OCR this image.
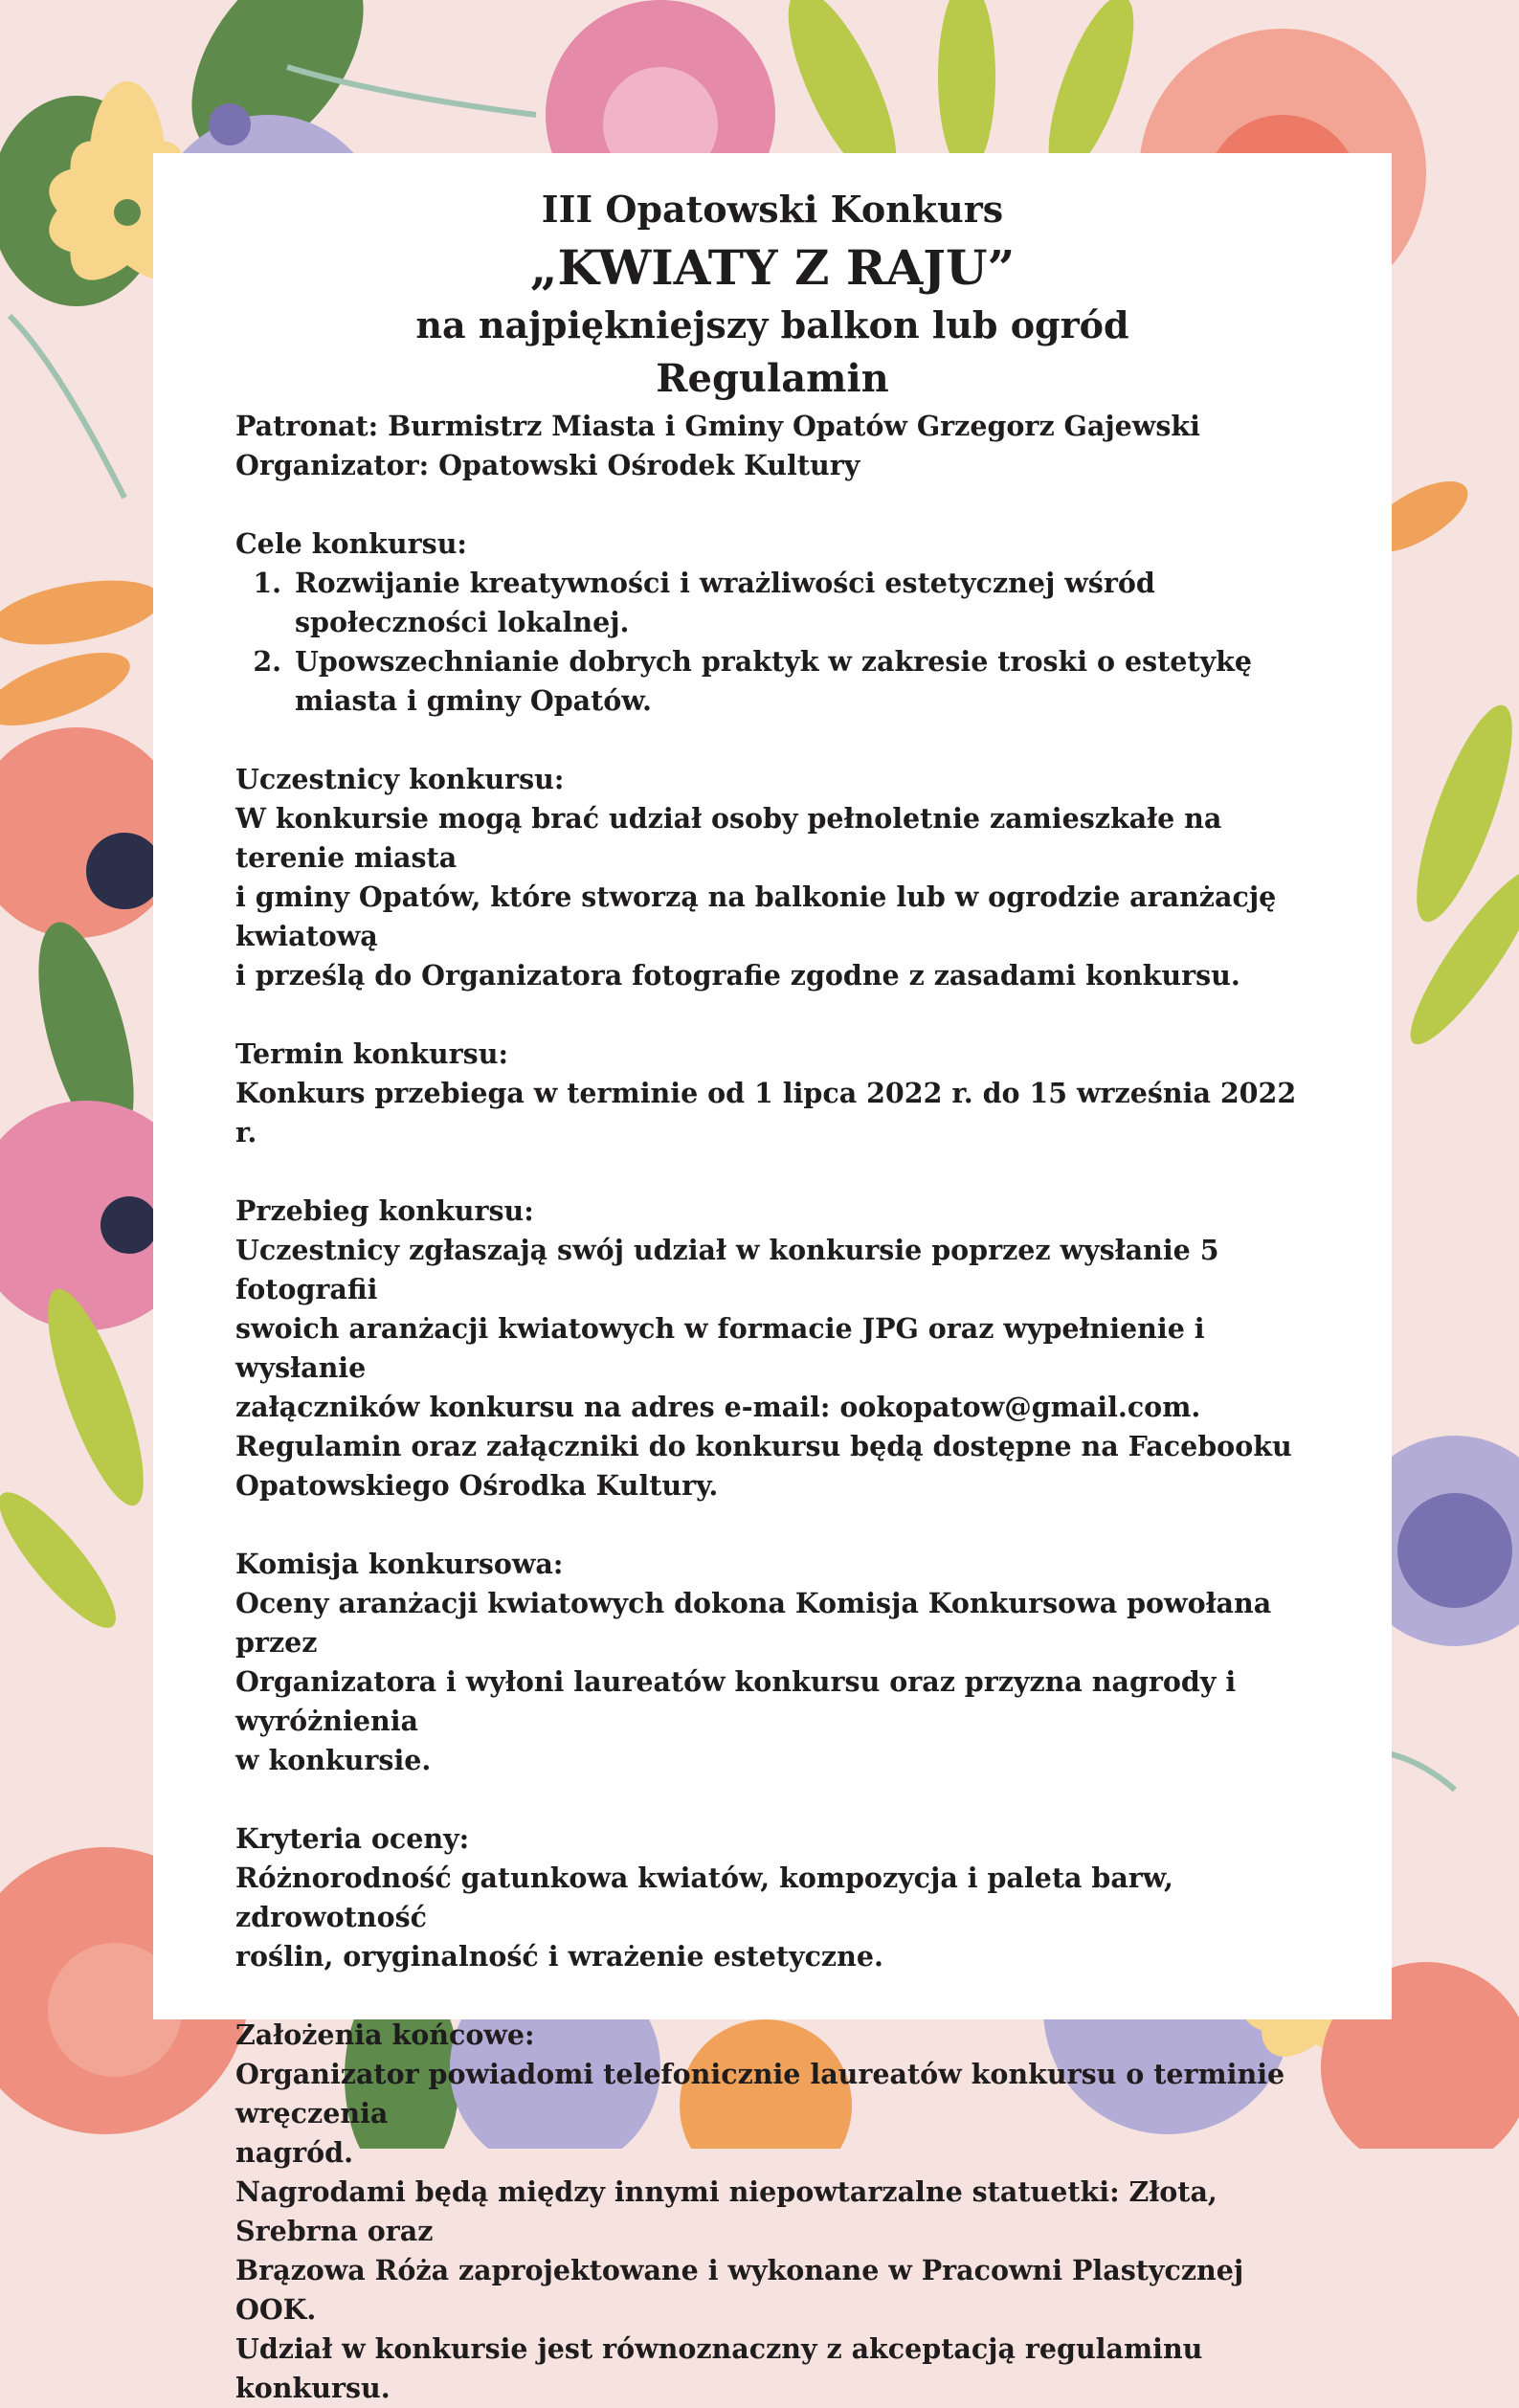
III Opatowski Konkurs
„KWIATY Z RAJU”
na najpiękniejszy balkon lub ogród
Regulamin

Patronat: Burmistrz Miasta i Gminy Opatów Grzegorz Gajewski

Organizator: Opatowski Ośrodek Kultury

Cele konkursu:

1. Rozwijanie kreatywności i wrażliwości estetycznej wśród społeczności lokalnej.
2. Upowszechnianie dobrych praktyk w zakresie troski o estetykę miasta i gminy Opatów.

Uczestnicy konkursu:

W konkursie mogą brać udział osoby pełnoletnie zamieszkałe na terenie miasta

i gminy Opatów, które stworzą na balkonie lub w ogrodzie aranżację kwiatową

i prześlą do Organizatora fotografie zgodne z zasadami konkursu.

Termin konkursu:

Konkurs przebiega w terminie od 1 lipca 2022 r. do 15 września 2022 r.

Przebieg konkursu:

Uczestnicy zgłaszają swój udział w konkursie poprzez wysłanie 5 fotografii

swoich aranżacji kwiatowych w formacie JPG oraz wypełnienie i wysłanie

załączników konkursu na adres e-mail: ookopatow@gmail.com.

Regulamin oraz załączniki do konkursu będą dostępne na Facebooku

Opatowskiego Ośrodka Kultury.

Komisja konkursowa:

Oceny aranżacji kwiatowych dokona Komisja Konkursowa powołana przez

Organizatora i wyłoni laureatów konkursu oraz przyzna nagrody i wyróżnienia

w konkursie.

Kryteria oceny:

Różnorodność gatunkowa kwiatów, kompozycja i paleta barw, zdrowotność

roślin, oryginalność i wrażenie estetyczne.

Założenia końcowe:

Organizator powiadomi telefonicznie laureatów konkursu o terminie wręczenia

nagród.

Nagrodami będą między innymi niepowtarzalne statuetki: Złota, Srebrna oraz

Brązowa Róża zaprojektowane i wykonane w Pracowni Plastycznej OOK.

Udział w konkursie jest równoznaczny z akceptacją regulaminu konkursu.
